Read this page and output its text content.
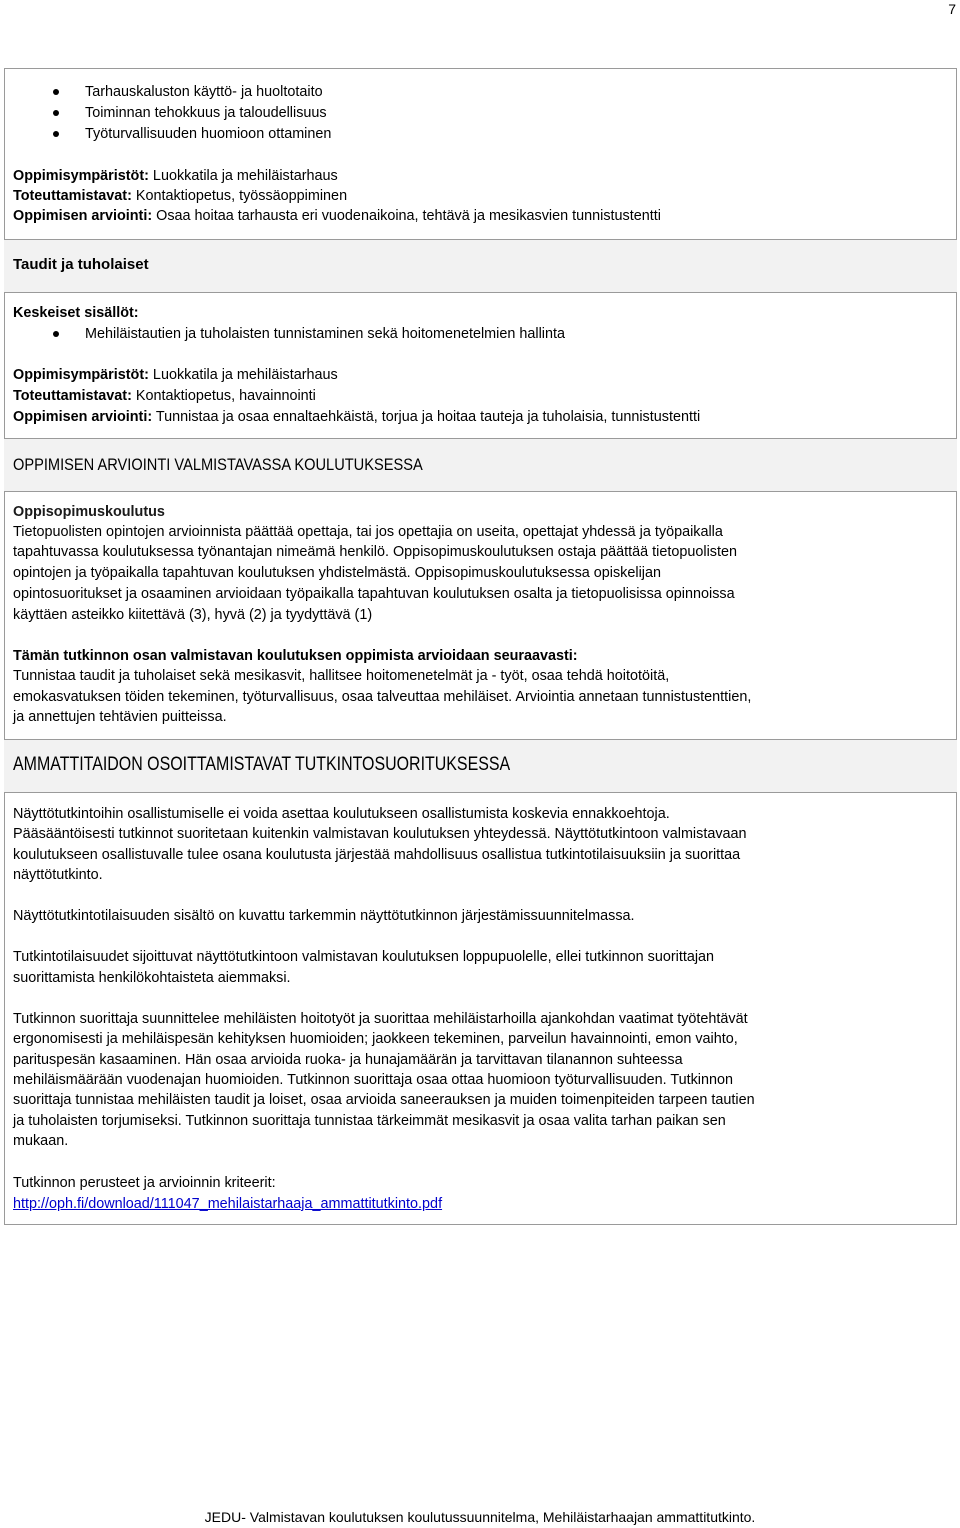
7
Tarhauskaluston käyttö- ja huoltotaito
Toiminnan tehokkuus ja taloudellisuus
Työturvallisuuden huomioon ottaminen
Oppimisympäristöt: Luokkatila ja mehiläistarhaus
Toteuttamistavat: Kontaktiopetus, työssäoppiminen
Oppimisen arviointi: Osaa hoitaa tarhausta eri vuodenaikoina, tehtävä ja mesikasvien tunnistustentti
Taudit ja tuholaiset
Keskeiset sisällöt:
Mehiläistautien ja tuholaisten tunnistaminen sekä hoitomenetelmien hallinta
Oppimisympäristöt: Luokkatila ja mehiläistarhaus
Toteuttamistavat: Kontaktiopetus, havainnointi
Oppimisen arviointi: Tunnistaa ja osaa ennaltaehkäistä, torjua ja hoitaa tauteja ja tuholaisia, tunnistustentti
OPPIMISEN ARVIOINTI VALMISTAVASSA KOULUTUKSESSA
Oppisopimuskoulutus
Tietopuolisten opintojen arvioinnista päättää opettaja, tai jos opettajia on useita, opettajat yhdessä ja työpaikalla
tapahtuvassa koulutuksessa työnantajan nimeämä henkilö. Oppisopimuskoulutuksen ostaja päättää tietopuolisten
opintojen ja työpaikalla tapahtuvan koulutuksen yhdistelmästä. Oppisopimuskoulutuksessa opiskelijan
opintosuoritukset ja osaaminen arvioidaan työpaikalla tapahtuvan koulutuksen osalta ja tietopuolisissa opinnoissa
käyttäen asteikko kiitettävä (3), hyvä (2) ja tyydyttävä (1)
Tämän tutkinnon osan valmistavan koulutuksen oppimista arvioidaan seuraavasti:
Tunnistaa taudit ja tuholaiset sekä mesikasvit, hallitsee hoitomenetelmät ja - työt, osaa tehdä hoitotöitä,
emokasvatuksen töiden tekeminen, työturvallisuus, osaa talveuttaa mehiläiset. Arviointia annetaan tunnistustenttien,
ja annettujen tehtävien puitteissa.
AMMATTITAIDON OSOITTAMISTAVAT TUTKINTOSUORITUKSESSA
Näyttötutkintoihin osallistumiselle ei voida asettaa koulutukseen osallistumista koskevia ennakkoehtoja.
Pääsääntöisesti tutkinnot suoritetaan kuitenkin valmistavan koulutuksen yhteydessä. Näyttötutkintoon valmistavaan
koulutukseen osallistuvalle tulee osana koulutusta järjestää mahdollisuus osallistua tutkintotilaisuuksiin ja suorittaa
näyttötutkinto.
Näyttötutkintotilaisuuden sisältö on kuvattu tarkemmin näyttötutkinnon järjestämissuunnitelmassa.
Tutkintotilaisuudet sijoittuvat näyttötutkintoon valmistavan koulutuksen loppupuolelle, ellei tutkinnon suorittajan
suorittamista henkilökohtaisteta aiemmaksi.
Tutkinnon suorittaja suunnittelee mehiläisten hoitotyöt ja suorittaa mehiläistarhoilla ajankohdan vaatimat työtehtävät
ergonomisesti ja mehiläispesän kehityksen huomioiden; jaokkeen tekeminen, parveilun havainnointi, emon vaihto,
parituspesän kasaaminen. Hän osaa arvioida ruoka- ja hunajamäärän ja tarvittavan tilanannon suhteessa
mehiläismäärään vuodenajan huomioiden. Tutkinnon suorittaja osaa ottaa huomioon työturvallisuuden. Tutkinnon
suorittaja tunnistaa mehiläisten taudit ja loiset, osaa arvioida saneerauksen ja muiden toimenpiteiden tarpeen tautien
ja tuholaisten torjumiseksi. Tutkinnon suorittaja tunnistaa tärkeimmät mesikasvit ja osaa valita tarhan paikan sen
mukaan.
Tutkinnon perusteet ja arvioinnin kriteerit:
http://oph.fi/download/111047_mehilaistarhaaja_ammattitutkinto.pdf
JEDU- Valmistavan koulutuksen koulutussuunnitelma, Mehiläistarhaajan ammattitutkinto.
